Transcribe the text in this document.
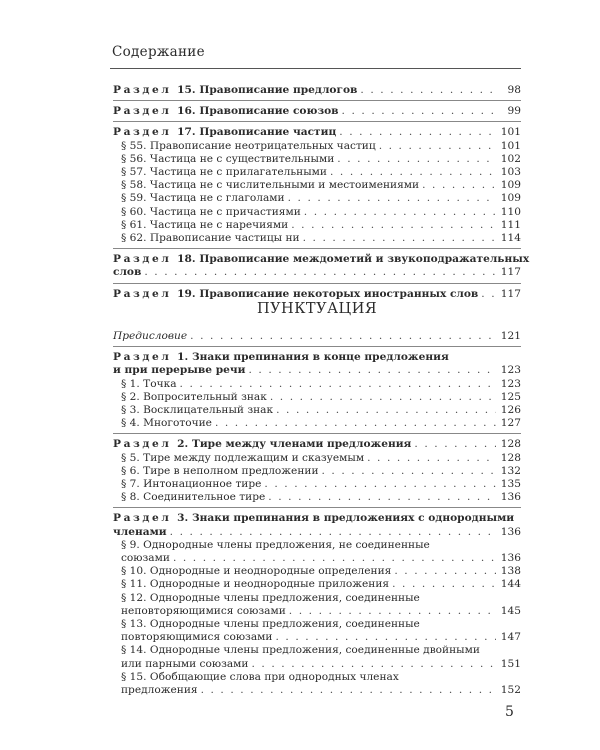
Содержание
Раздел 15. Правописание предлогов . . .	98
Раздел 16. Правописание союзов . . .	99
Раздел 17. Правописание частиц . . .	101
§ 55. Правописание неотрицательных частиц . . .	101
§ 56. Частица не с существительными . . .	102
§ 57. Частица не с прилагательными . . .	103
§ 58. Частица не с числительными и местоимениями . . .	109
§ 59. Частица не с глаголами . . .	109
§ 60. Частица не с причастиями . . .	110
§ 61. Частица не с наречиями . . .	111
§ 62. Правописание частицы ни . . .	114
Раздел 18. Правописание междометий и звукоподражательных
слов . . .	117
Раздел 19. Правописание некоторых иностранных слов . . . 117
ПУНКТУАЦИЯ
Предисловие . . .	121
Раздел 1. Знаки препинания в конце предложения
и при перерыве речи . . .	123
§ 1. Точка . . .	123
§ 2. Вопросительный знак . . .	125
§ 3. Восклицательный знак . . .	126
§ 4. Многоточие . . .	127
Раздел 2. Тире между членами предложения . . .	128
§ 5. Тире между подлежащим и сказуемым . . .	128
§ 6. Тире в неполном предложении . . .	132
§ 7. Интонационное тире . . .	135
§ 8. Соединительное тире . . .	136
Раздел 3. Знаки препинания в предложениях с однородными
членами . . .	136
§ 9. Однородные члены предложения, не соединенные
союзами . . .	136
§ 10. Однородные и неоднородные определения . . .	138
§ 11. Однородные и неоднородные приложения . . .	144
§ 12. Однородные члены предложения, соединенные
неповторяющимися союзами . . .	145
§ 13. Однородные члены предложения, соединенные
повторяющимися союзами . . .	147
§ 14. Однородные члены предложения, соединенные двойными
или парными союзами . . .	151
§ 15. Обобщающие слова при однородных членах
предложения . . .	152
5
